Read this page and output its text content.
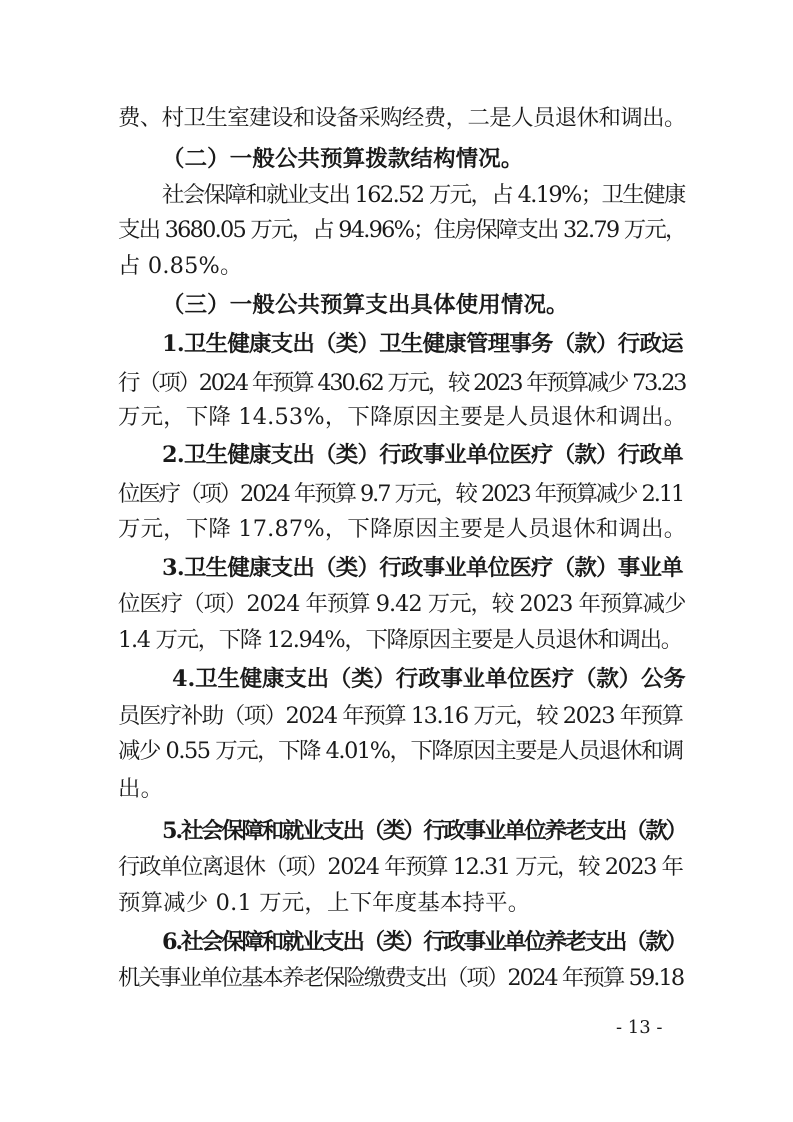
费、村卫生室建设和设备采购经费，二是人员退休和调出。
（二）一般公共预算拨款结构情况。
社会保障和就业支出 162.52 万元，占 4.19%；卫生健康
支出 3680.05 万元，占 94.96%；住房保障支出 32.79 万元，
占 0.85%。
（三）一般公共预算支出具体使用情况。
1.卫生健康支出（类）卫生健康管理事务（款）行政运
行（项）2024 年预算 430.62 万元，较 2023 年预算减少 73.23
万元，下降 14.53%，下降原因主要是人员退休和调出。
2.卫生健康支出（类）行政事业单位医疗（款）行政单
位医疗（项）2024 年预算 9.7 万元，较 2023 年预算减少 2.11
万元，下降 17.87%，下降原因主要是人员退休和调出。
3.卫生健康支出（类）行政事业单位医疗（款）事业单
位医疗（项）2024 年预算 9.42 万元，较 2023 年预算减少
1.4 万元，下降 12.94%，下降原因主要是人员退休和调出。
4.卫生健康支出（类）行政事业单位医疗（款）公务
员医疗补助（项）2024 年预算 13.16 万元，较 2023 年预算
减少 0.55 万元，下降 4.01%，下降原因主要是人员退休和调
出。
5.社会保障和就业支出（类）行政事业单位养老支出（款）
行政单位离退休（项）2024 年预算 12.31 万元，较 2023 年
预算减少 0.1 万元，上下年度基本持平。
6.社会保障和就业支出（类）行政事业单位养老支出（款）
机关事业单位基本养老保险缴费支出（项）2024 年预算 59.18
- 13 -
